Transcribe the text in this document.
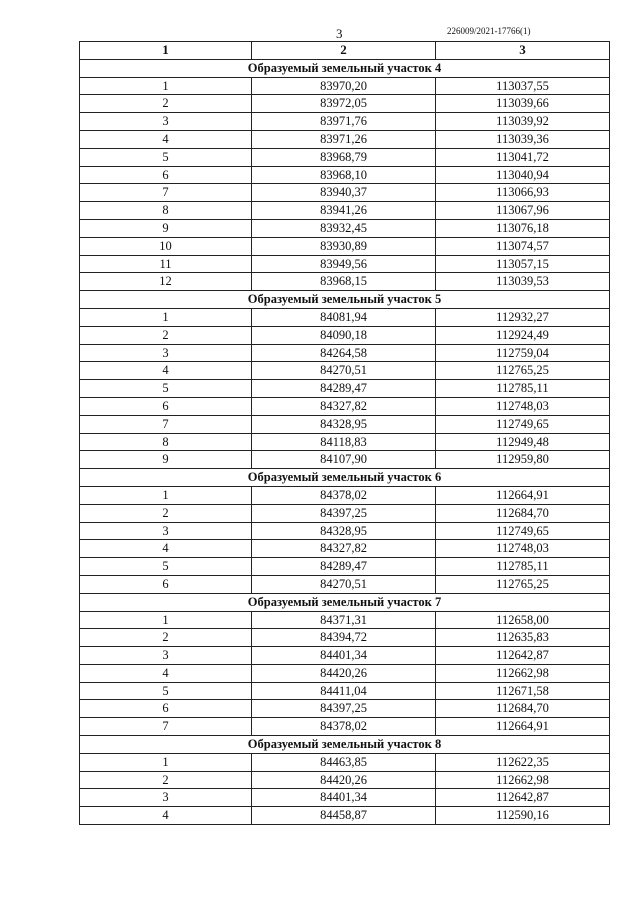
3	226009/2021-17766(1)
1	2	3
Образуемый земельный участок 4		
1	83970,20	113037,55
2	83972,05	113039,66
3	83971,76	113039,92
4	83971,26	113039,36
5	83968,79	113041,72
6	83968,10	113040,94
7	83940,37	113066,93
8	83941,26	113067,96
9	83932,45	113076,18
10	83930,89	113074,57
11	83949,56	113057,15
12	83968,15	113039,53
Образуемый земельный участок 5		
1	84081,94	112932,27
2	84090,18	112924,49
3	84264,58	112759,04
4	84270,51	112765,25
5	84289,47	112785,11
6	84327,82	112748,03
7	84328,95	112749,65
8	84118,83	112949,48
9	84107,90	112959,80
Образуемый земельный участок 6		
1	84378,02	112664,91
2	84397,25	112684,70
3	84328,95	112749,65
4	84327,82	112748,03
5	84289,47	112785,11
6	84270,51	112765,25
Образуемый земельный участок 7		
1	84371,31	112658,00
2	84394,72	112635,83
3	84401,34	112642,87
4	84420,26	112662,98
5	84411,04	112671,58
6	84397,25	112684,70
7	84378,02	112664,91
Образуемый земельный участок 8		
1	84463,85	112622,35
2	84420,26	112662,98
3	84401,34	112642,87
4	84458,87	112590,16
